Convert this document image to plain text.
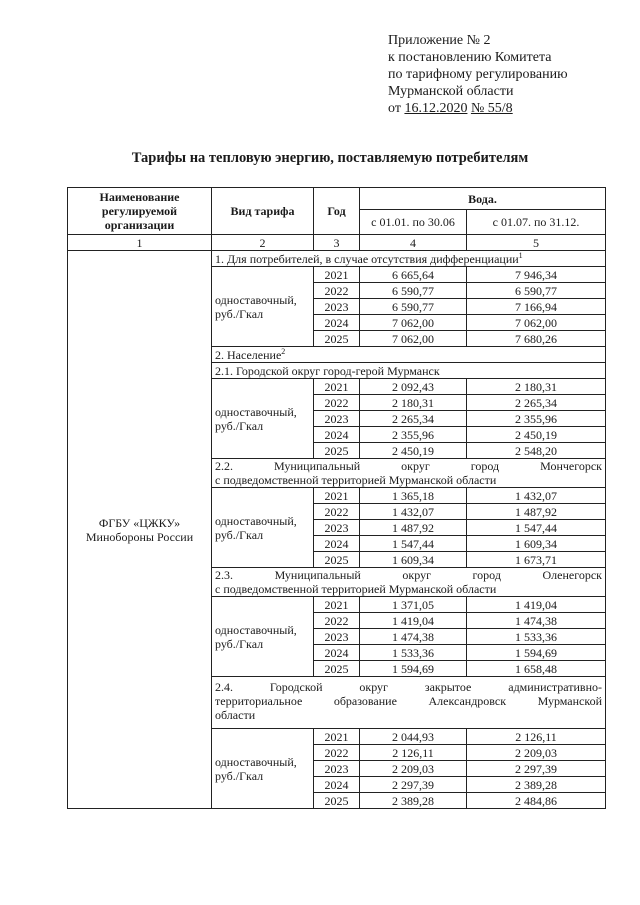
Приложение № 2
к постановлению Комитета
по тарифному регулированию
Мурманской области
от 16.12.2020 № 55/8
Тарифы на тепловую энергию, поставляемую потребителям
Наименование регулируемой организации	Вид тарифа	Год	Вода.	
			с 01.01. по 30.06	с 01.07. по 31.12.
1	2	3	4	5
ФГБУ «ЦЖКУ» Минобороны России	1. Для потребителей, в случае отсутствия дифференциации$^1$
	одноставочный, руб./Гкал	2021	6 665,64	7 946,34
		2022	6 590,77	6 590,77
		2023	6 590,77	7 166,94
		2024	7 062,00	7 062,00
		2025	7 062,00	7 680,26
	2. Население$^2$
	2.1. Городской округ город-герой Мурманск			
	одноставочный, руб./Гкал	2021	2 092,43	2 180,31
		2022	2 180,31	2 265,34
		2023	2 265,34	2 355,96
		2024	2 355,96	2 450,19
		2025	2 450,19	2 548,20

	2.2. Муниципальный округ город Мончегорск
с подведомственной территорией Мурманской области			

	одноставочный, руб./Гкал	2021	1 365,18	1 432,07
		2022	1 432,07	1 487,92
		2023	1 487,92	1 547,44
		2024	1 547,44	1 609,34
		2025	1 609,34	1 673,71

	2.3. Муниципальный округ город Оленегорск
с подведомственной территорией Мурманской области			

	одноставочный, руб./Гкал	2021	1 371,05	1 419,04
		2022	1 419,04	1 474,38
		2023	1 474,38	1 533,36
		2024	1 533,36	1 594,69
		2025	1 594,69	1 658,48

	2.4. Городской округ закрытое административно-
территориальное образование Александровск Мурманской
области			

	одноставочный, руб./Гкал	2021	2 044,93	2 126,11
		2022	2 126,11	2 209,03
		2023	2 209,03	2 297,39
		2024	2 297,39	2 389,28
		2025	2 389,28	2 484,86
